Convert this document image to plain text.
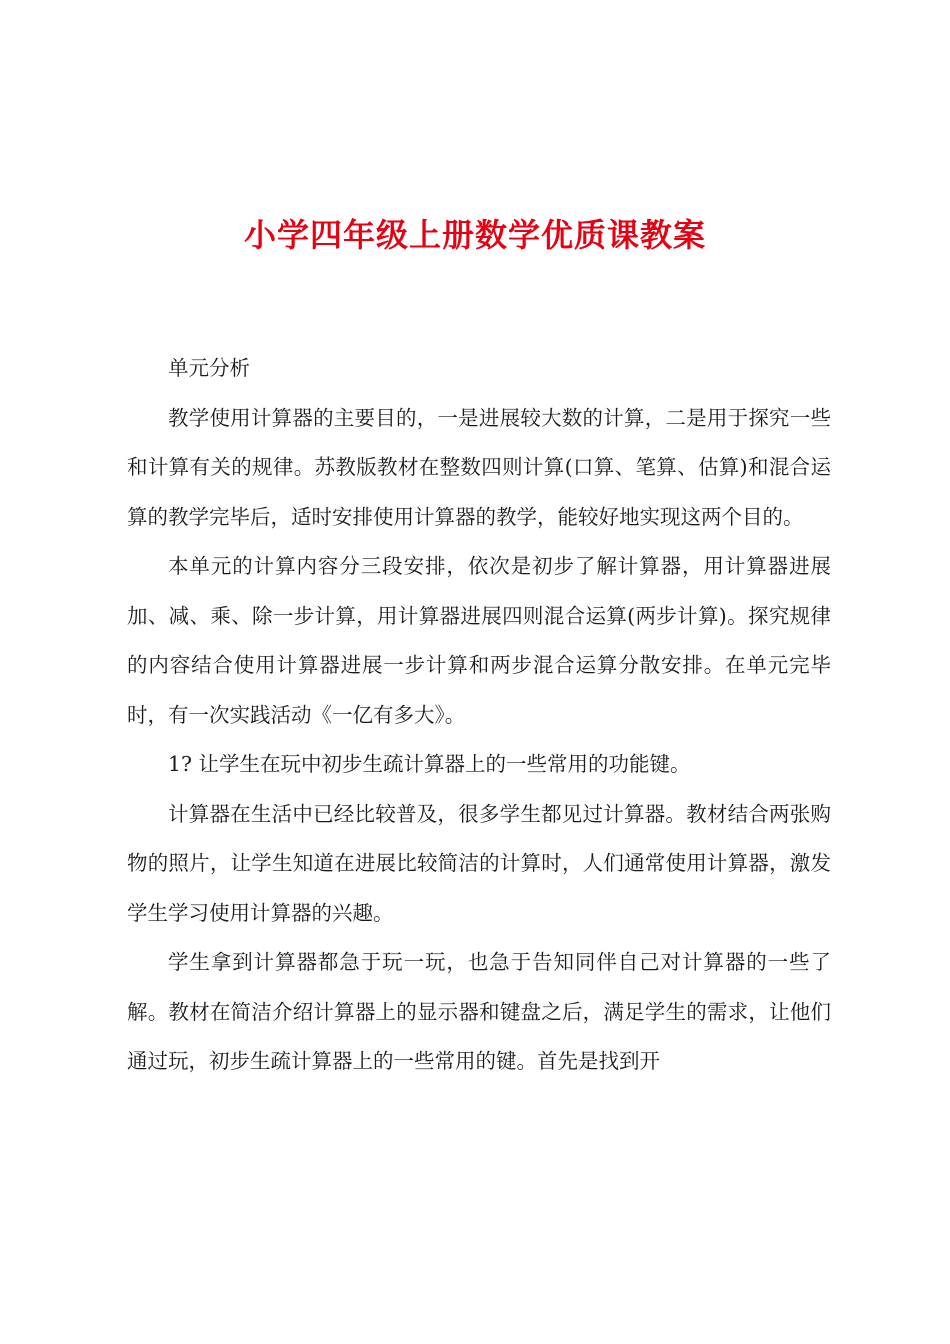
小学四年级上册数学优质课教案

单元分析

教学使用计算器的主要目的，一是进展较大数的计算，二是用于探究一些和计算有关的规律。苏教版教材在整数四则计算(口算、笔算、估算)和混合运算的教学完毕后，适时安排使用计算器的教学，能较好地实现这两个目的。

本单元的计算内容分三段安排，依次是初步了解计算器，用计算器进展加、减、乘、除一步计算，用计算器进展四则混合运算(两步计算)。探究规律的内容结合使用计算器进展一步计算和两步混合运算分散安排。在单元完毕时，有一次实践活动《一亿有多大》。

1? 让学生在玩中初步生疏计算器上的一些常用的功能键。

计算器在生活中已经比较普及，很多学生都见过计算器。教材结合两张购物的照片，让学生知道在进展比较简洁的计算时，人们通常使用计算器，激发学生学习使用计算器的兴趣。

学生拿到计算器都急于玩一玩，也急于告知同伴自己对计算器的一些了解。教材在简洁介绍计算器上的显示器和键盘之后，满足学生的需求，让他们通过玩，初步生疏计算器上的一些常用的键。首先是找到开
